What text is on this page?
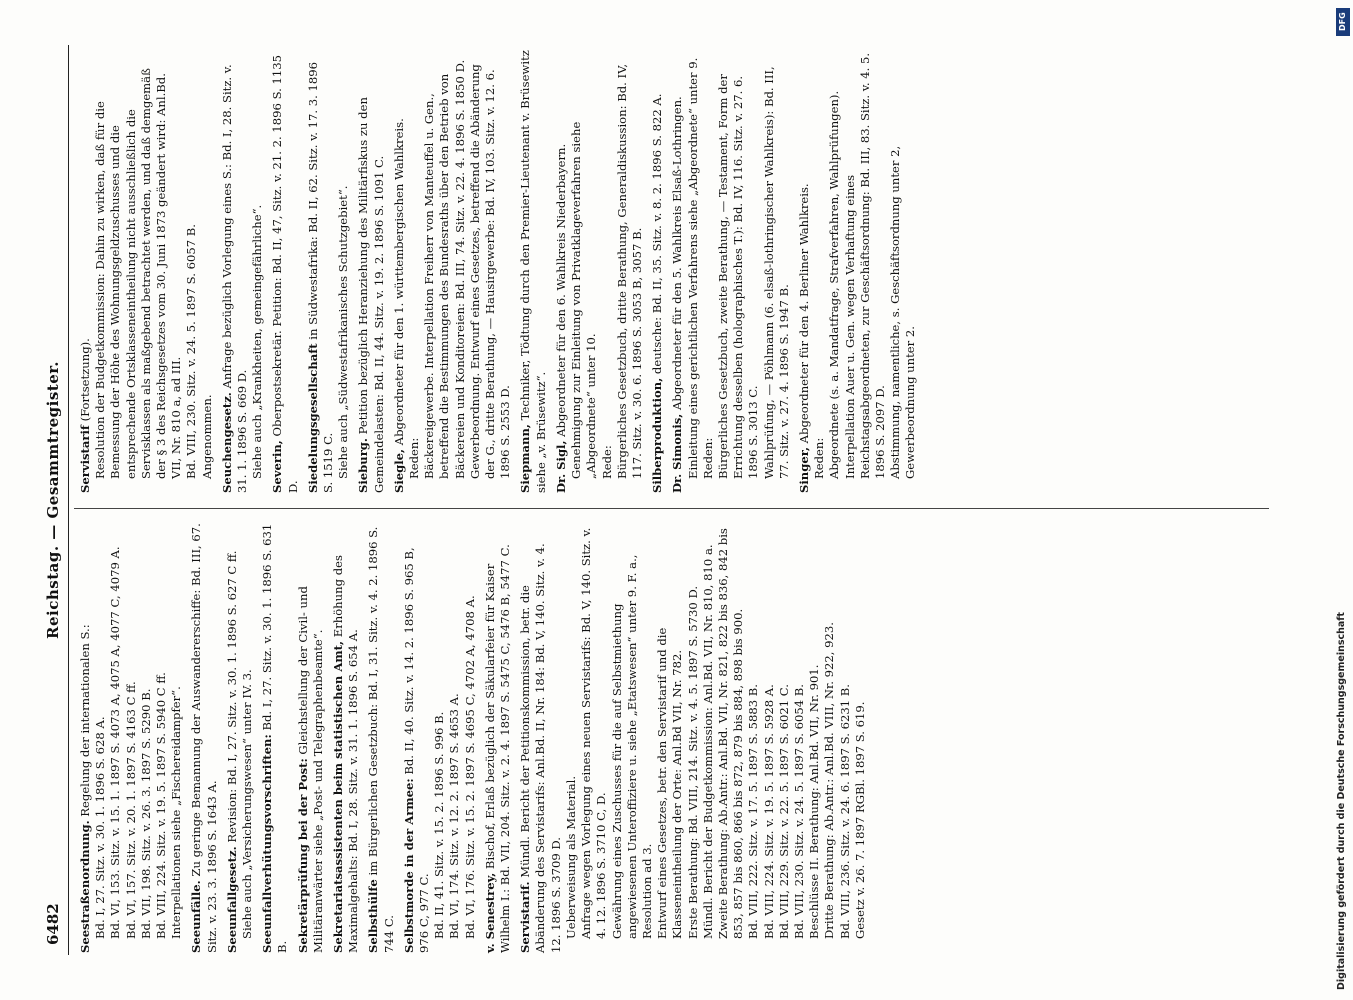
6482
Reichstag. — Gesammtregister.
Seestraßenordnung. Regelung der internationalen S.: Bd. I, 27. Sitz. v. 30. 1. 1896 S. 628 A. Bd. VI, 153. Sitz. v. 15. 1. 1897 S. 4073 A, 4075 A, 4077 C, 4079 A. Bd. VI, 157. Sitz. v. 20. 1. 1897 S. 4163 C ff. Bd. VII, 198. Sitz. v. 26. 3. 1897 S. 5290 B. Bd. VIII, 224. Sitz. v. 19. 5. 1897 S. 5940 C ff. Interpellationen siehe „Fischereidampfer“. Seeunfälle. Zu geringe Bemannung der Auswandererschiffe: Bd. III, 67. Sitz. v. 23. 3. 1896 S. 1643 A. Seeunfallgesetz. Revision: Bd. I, 27. Sitz. v. 30. 1. 1896 S. 627 C ff. Siehe auch „Versicherungswesen“ unter IV. 3. Seeunfallverhütungsvorschriften: Bd. I, 27. Sitz. v. 30. 1. 1896 S. 631 B. Sekretärprüfung bei der Post: Gleichstellung der Civil- und Militäranwärter siehe „Post- und Telegraphenbeamte“. Sekretariatsassistenten beim statistischen Amt, Erhöhung des Maximalgehalts: Bd. I, 28. Sitz. v. 31. 1. 1896 S. 654 A. Selbsthülfe im Bürgerlichen Gesetzbuch: Bd. I, 31. Sitz. v. 4. 2. 1896 S. 744 C. Selbstmorde in der Armee: Bd. II, 40. Sitz. v. 14. 2. 1896 S. 965 B, 976 C, 977 C. Bd. II, 41. Sitz. v. 15. 2. 1896 S. 996 B. Bd. VI, 174. Sitz. v. 12. 2. 1897 S. 4653 A. Bd. VI, 176. Sitz. v. 15. 2. 1897 S. 4695 C, 4702 A, 4708 A. v. Senestrey, Bischof, Erlaß bezüglich der Säkularfeier für Kaiser Wilhelm I.: Bd. VII, 204. Sitz. v. 2. 4. 1897 S. 5475 C, 5476 B, 5477 C. Servistarif. Mündl. Bericht der Petitionskommission, betr. die Abänderung des Servistarifs: Anl.Bd. II, Nr. 184: Bd. V, 140. Sitz. v. 4. 12. 1896 S. 3709 D. Ueberweisung als Material. Anfrage wegen Vorlegung eines neuen Servistarifs: Bd. V, 140. Sitz. v. 4. 12. 1896 S. 3710 C, D. Gewährung eines Zuschusses für die auf Selbstmiethung angewiesenen Unteroffiziere u. siehe „Etatswesen“ unter 9. F. a., Resolution ad 3. Entwurf eines Gesetzes, betr. den Servistarif und die Klasseneintheilung der Orte: Anl.Bd VII, Nr. 782. Erste Berathung: Bd. VIII, 214. Sitz. v. 4. 5. 1897 S. 5730 D. Mündl. Bericht der Budgetkommission: Anl.Bd. VII, Nr. 810, 810 a. Zweite Berathung: Ab.Antr.: Anl.Bd. VII, Nr. 821, 822 bis 836, 842 bis 853, 857 bis 860, 866 bis 872, 879 bis 884, 898 bis 900. Bd. VIII, 222. Sitz. v. 17. 5. 1897 S. 5883 B. Bd. VIII, 224. Sitz. v. 19. 5. 1897 S. 5928 A. Bd. VIII, 229. Sitz. v. 22. 5. 1897 S. 6021 C. Bd. VIII, 230. Sitz. v. 24. 5. 1897 S. 6054 B. Beschlüsse II. Berathung: Anl.Bd. VII, Nr. 901. Dritte Berathung: Ab.Antr.: Anl.Bd. VIII, Nr. 922, 923. Bd. VIII, 236. Sitz. v. 24. 6. 1897 S. 6231 B. Gesetz v. 26. 7. 1897 RGBl. 1897 S. 619.
Servistarif (Fortsetzung). Resolution der Budgetkommission: Dahin zu wirken, daß für die Bemessung der Höhe des Wohnungsgeldzuschusses und die entsprechende Ortsklasseneintheilung nicht ausschließlich die Servisklassen als maßgebend betrachtet werden, und daß demgemäß der § 3 des Reichsgesetzes vom 30. Juni 1873 geändert wird: Anl.Bd. VII, Nr. 810 a, ad III. Bd. VIII, 230. Sitz. v. 24. 5. 1897 S. 6057 B. Angenommen. Seuchengesetz. Anfrage bezüglich Vorlegung eines S.: Bd. I, 28. Sitz. v. 31. 1. 1896 S. 669 D. Siehe auch „Krankheiten, gemeingefährliche“. Severin, Oberpostsekretär. Petition: Bd. II, 47, Sitz. v. 21. 2. 1896 S. 1135 D. Siedelungsgesellschaft in Südwestafrika: Bd. II, 62. Sitz. v. 17. 3. 1896 S. 1519 C. Siehe auch „Südwestafrikanisches Schutzgebiet“. Sieburg. Petition bezüglich Heranziehung des Militärfiskus zu den Gemeindelasten: Bd. II, 44. Sitz. v. 19. 2. 1896 S. 1091 C. Siegle, Abgeordneter für den 1. württembergischen Wahlkreis.
Reden: Bäckereigewerbe. Interpellation Freiherr von Manteuffel u. Gen., betreffend die Bestimmungen des Bundesraths über den Betrieb von Bäckereien und Konditoreien: Bd. III, 74. Sitz. v. 22. 4. 1896 S. 1850 D. Gewerbeordnung. Entwurf eines Gesetzes, betreffend die Abänderung der G., dritte Berathung, — Hausirgewerbe: Bd. IV, 103. Sitz. v. 12. 6. 1896 S. 2553 D. Siepmann, Techniker, Tödtung durch den Premier-Lieutenant v. Brüsewitz siehe „v. Brüsewitz“. Dr. Sigl, Abgeordneter für den 6. Wahlkreis Niederbayern. Genehmigung zur Einleitung von Privatklageverfahren siehe „Abgeordnete“ unter 10. Rede: Bürgerliches Gesetzbuch, dritte Berathung, Generaldiskussion: Bd. IV, 117. Sitz. v. 30. 6. 1896 S. 3053 B, 3057 B. Silberproduktion, deutsche: Bd. II, 35. Sitz. v. 8. 2. 1896 S. 822 A.
Dr. Simonis, Abgeordneter für den 5. Wahlkreis Elsaß-Lothringen. Einleitung eines gerichtlichen Verfahrens siehe „Abgeordnete“ unter 9. Reden: Bürgerliches Gesetzbuch, zweite Berathung, — Testament, Form der Errichtung desselben (holographisches T.): Bd. IV, 116. Sitz. v. 27. 6. 1896 S. 3013 C. Wahlprüfung, — Pöhlmann (6. elsaß-lothringischer Wahlkreis): Bd. III, 77. Sitz. v. 27. 4. 1896 S. 1947 B. Singer, Abgeordneter für den 4. Berliner Wahlkreis.
Reden: Abgeordnete (s. a. Mandatfrage, Strafverfahren, Wahlprüfungen). Interpellation Auer u. Gen. wegen Verhaftung eines Reichstagsabgeordneten, zur Geschäftsordnung: Bd. III, 83. Sitz. v. 4. 5. 1896 S. 2097 D. Abstimmung, namentliche, s. Geschäftsordnung unter 2, Gewerbeordnung unter 2.
DFG
Digitalisierung gefördert durch die Deutsche Forschungsgemeinschaft
